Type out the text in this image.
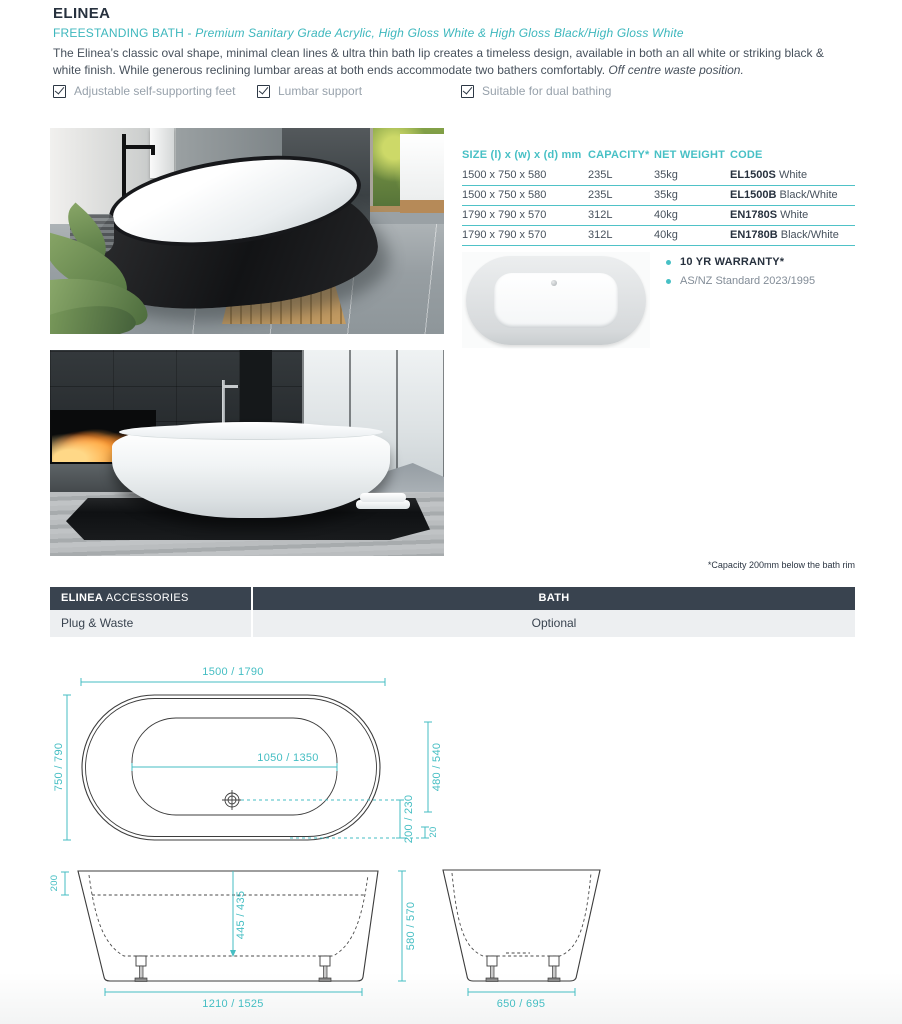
ELINEA
FREESTANDING BATH - Premium Sanitary Grade Acrylic, High Gloss White & High Gloss Black/High Gloss White
The Elinea’s classic oval shape, minimal clean lines & ultra thin bath lip creates a timeless design, available in both an all white or striking black & white finish. While generous reclining lumbar areas at both ends accommodate two bathers comfortably. Off centre waste position.
Adjustable self-supporting feet	Lumbar support	Suitable for dual bathing
SIZE (l) x (w) x (d) mm	CAPACITY*	NET WEIGHT	CODE
1500 x 750 x 580	235L	35kg	EL1500S White
1500 x 750 x 580	235L	35kg	EL1500B Black/White
1790 x 790 x 570	312L	40kg	EN1780S White
1790 x 790 x 570	312L	40kg	EN1780B Black/White
10 YR WARRANTY*
AS/NZ Standard 2023/1995
*Capacity 200mm below the bath rim
ELINEA ACCESSORIES	BATH
Plug & Waste	Optional
1500 / 1790
750 / 790	1050 / 1350
200 / 230
480 / 540
20
200
445 / 435	580 / 570
1210 / 1525	650 / 695
